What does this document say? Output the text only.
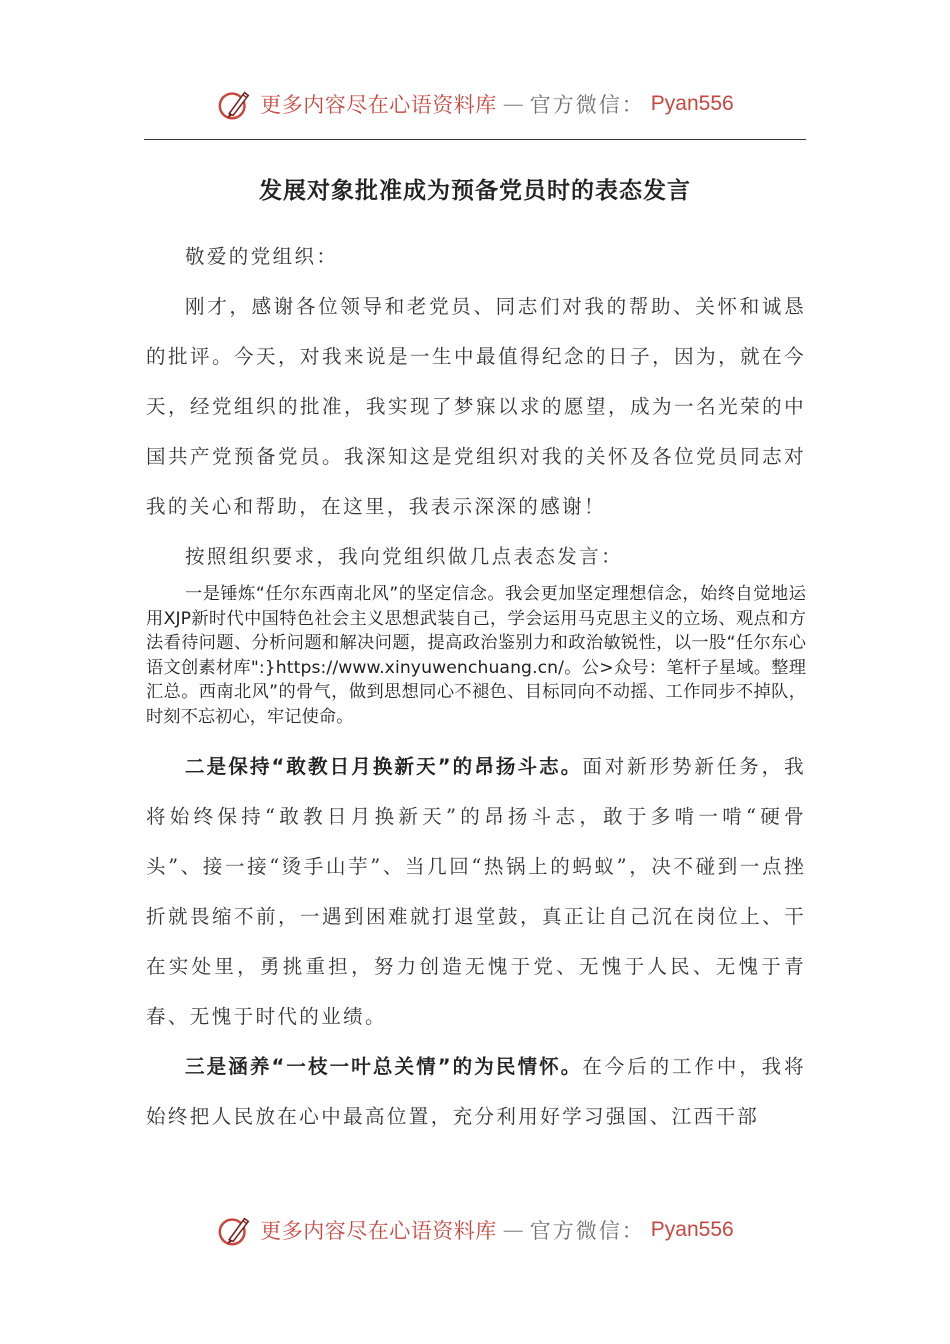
更多内容尽在心语资料库 — 官方微信： Pyan556
发展对象批准成为预备党员时的表态发言

敬爱的党组织：

刚才，感谢各位领导和老党员、同志们对我的帮助、关怀和诚恳的批评。今天，对我来说是一生中最值得纪念的日子，因为，就在今天，经党组织的批准，我实现了梦寐以求的愿望，成为一名光荣的中国共产党预备党员。我深知这是党组织对我的关怀及各位党员同志对我的关心和帮助，在这里，我表示深深的感谢！

按照组织要求，我向党组织做几点表态发言：

一是锤炼“任尔东西南北风”的坚定信念。我会更加坚定理想信念，始终自觉地运用XJP新时代中国特色社会主义思想武装自己，学会运用马克思主义的立场、观点和方法看待问题、分析问题和解决问题，提高政治鉴别力和政治敏锐性，以一股“任尔东心语文创素材库":}https://www.xinyuwenchuang.cn/。公>众号：笔杆子星域。整理汇总。西南北风”的骨气，做到思想同心不褪色、目标同向不动摇、工作同步不掉队，时刻不忘初心，牢记使命。

二是保持“敢教日月换新天”的昂扬斗志。面对新形势新任务，我将始终保持“敢教日月换新天”的昂扬斗志，敢于多啃一啃“硬骨头”、接一接“烫手山芋”、当几回“热锅上的蚂蚁”，决不碰到一点挫折就畏缩不前，一遇到困难就打退堂鼓，真正让自己沉在岗位上、干在实处里，勇挑重担，努力创造无愧于党、无愧于人民、无愧于青春、无愧于时代的业绩。

三是涵养“一枝一叶总关情”的为民情怀。在今后的工作中，我将始终把人民放在心中最高位置，充分利用好学习强国、江西干部

更多内容尽在心语资料库 — 官方微信： Pyan556
